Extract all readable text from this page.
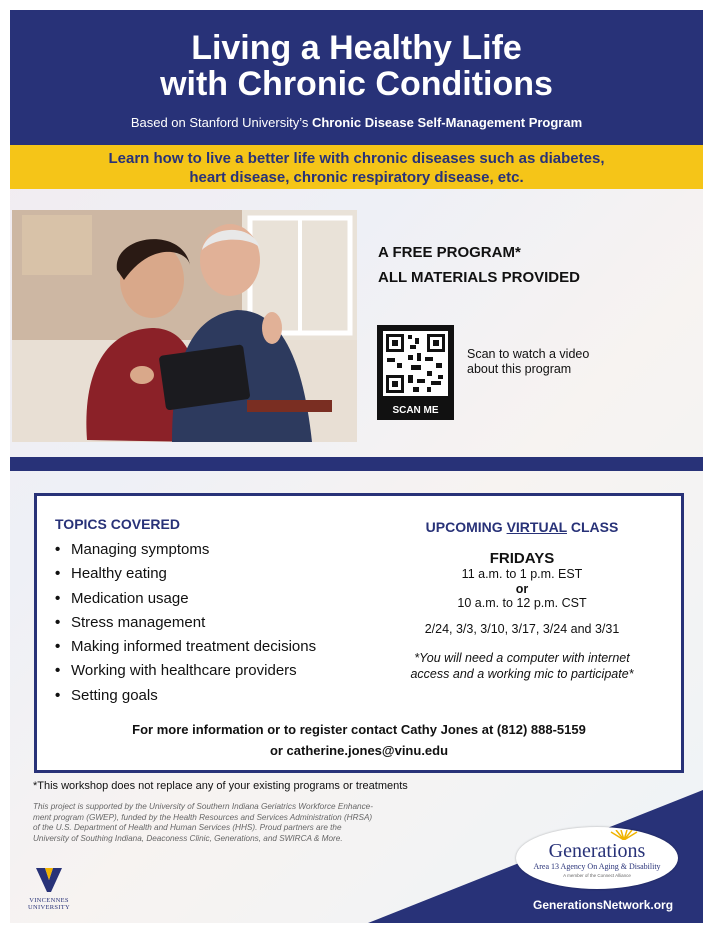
Living a Healthy Life
with Chronic Conditions
Based on Stanford University’s Chronic Disease Self-Management Program
Learn how to live a better life with chronic diseases such as diabetes,
heart disease, chronic respiratory disease, etc.
A FREE PROGRAM*
ALL MATERIALS PROVIDED
SCAN ME
Scan to watch a video
about this program
TOPICS COVERED
• Managing symptoms
• Healthy eating
• Medication usage
• Stress management
• Making informed treatment decisions
• Working with healthcare providers
• Setting goals
UPCOMING VIRTUAL CLASS
FRIDAYS
11 a.m. to 1 p.m. EST
or
10 a.m. to 12 p.m. CST
2/24, 3/3, 3/10, 3/17, 3/24 and 3/31
*You will need a computer with internet
access and a working mic to participate*
For more information or to register contact Cathy Jones at (812) 888-5159
or catherine.jones@vinu.edu
*This workshop does not replace any of your existing programs or treatments
This project is supported by the University of Southern Indiana Geriatrics Workforce Enhance-
ment program (GWEP), funded by the Health Resources and Services Administration (HRSA)
of the U.S. Department of Health and Human Services (HHS). Proud partners are the
University of Southing Indiana, Deaconess Clinic, Generations, and SWIRCA & More.
Generations
Area 13 Agency On Aging & Disability
A member of the Connect Alliance
GenerationsNetwork.org
VINCENNES
UNIVERSITY
